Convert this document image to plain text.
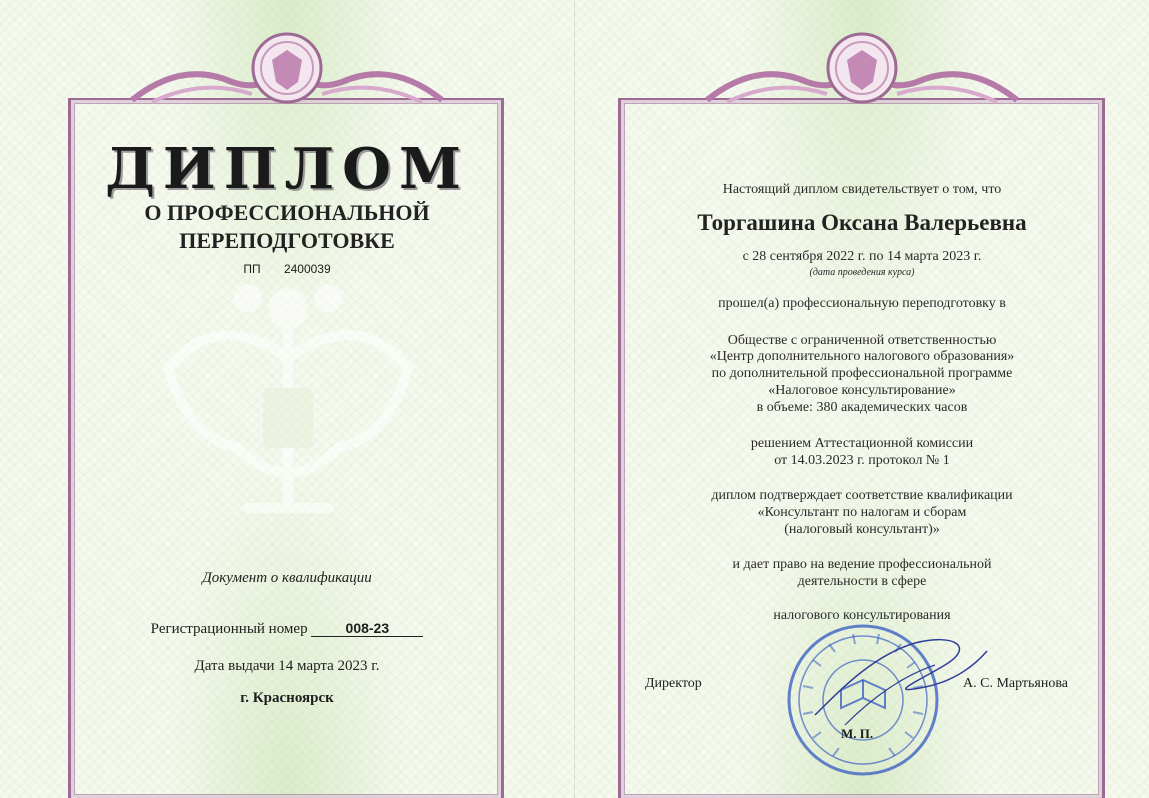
ДИПЛОМ
О ПРОФЕССИОНАЛЬНОЙ
ПЕРЕПОДГОТОВКЕ
ПП 2400039
Документ о квалификации
Регистрационный номер	008-23
Дата выдачи 14 марта 2023 г.
г. Красноярск
Настоящий диплом свидетельствует о том, что
Торгашина Оксана Валерьевна
с 28 сентября 2022 г. по 14 марта 2023 г.
(дата проведения курса)
прошел(а) профессиональную переподготовку в
Обществе с ограниченной ответственностью
«Центр дополнительного налогового образования»
по дополнительной профессиональной программе
«Налоговое консультирование»
в объеме: 380 академических часов
решением Аттестационной комиссии
от 14.03.2023 г. протокол № 1
диплом подтверждает соответствие квалификации
«Консультант по налогам и сборам
(налоговый консультант)»
и дает право на ведение профессиональной
деятельности в сфере
налогового консультирования
Директор	А. С. Мартьянова
М. П.
